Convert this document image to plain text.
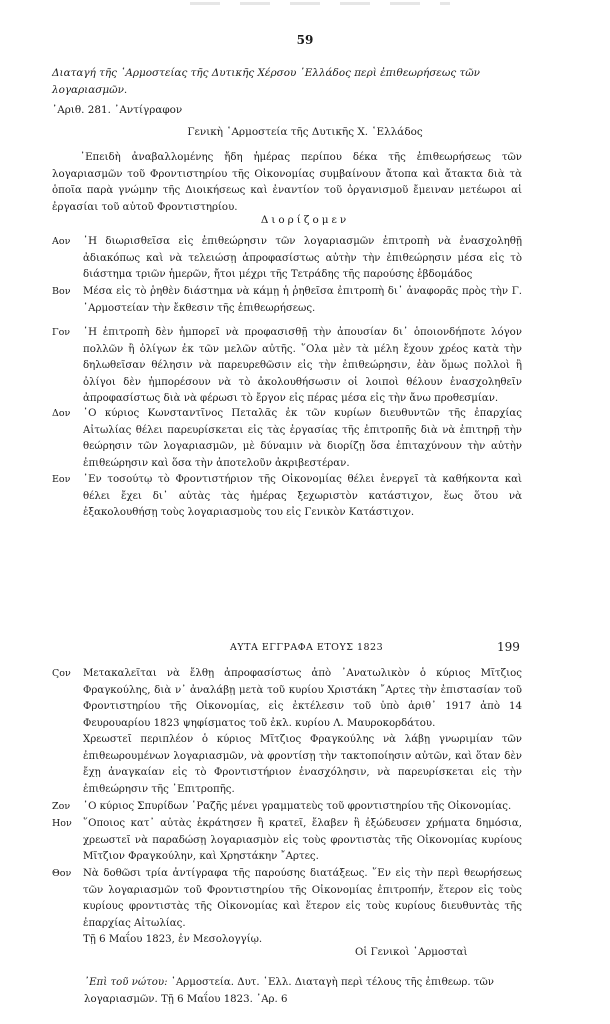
59
Διαταγή τῆς ῾Αρμοστείας τῆς Δυτικῆς Χέρσου ῾Ελλάδος περὶ ἐπιθεωρήσεως τῶν λογαριασμῶν.
᾿Αριθ. 281. ᾿Αντίγραφον
Γενικὴ ῾Αρμοστεία τῆς Δυτικῆς Χ. ῾Ελλάδος
᾿Επειδὴ ἀναβαλλομένης ἤδη ἡμέρας περίπου δέκα τῆς ἐπιθεωρήσεως τῶν λογαριασμῶν τοῦ Φροντιστηρίου τῆς Οἰκονομίας συμβαίνουν ἄτοπα καὶ ἄτακτα διὰ τὰ ὁποῖα παρὰ γνώμην τῆς Διοικήσεως καὶ ἐναντίον τοῦ ὀργανισμοῦ ἔμειναν μετέωροι αἱ ἐργασίαι τοῦ αὐτοῦ Φροντιστηρίου.
Διορίζομεν
Αον	῾Η διωρισθεῖσα εἰς ἐπιθεώρησιν τῶν λογαριασμῶν ἐπιτροπὴ νὰ ἐνασχοληθῇ ἀδιακόπως καὶ νὰ τελειώσῃ ἀπροφασίστως αὐτὴν τὴν ἐπιθεώρησιν μέσα εἰς τὸ διάστημα τριῶν ἡμερῶν, ἤτοι μέχρι τῆς Τετράδης τῆς παρούσης ἑβδομάδος
Βον	Μέσα εἰς τὸ ῥηθὲν διάστημα νὰ κάμῃ ἡ ῥηθεῖσα ἐπιτροπὴ δι᾿ ἀναφορᾶς πρὸς τὴν Γ. ῾Αρμοστείαν τὴν ἔκθεσιν τῆς ἐπιθεωρήσεως.
Γον	῾Η ἐπιτροπὴ δὲν ἠμπορεῖ νὰ προφασισθῇ τὴν ἀπουσίαν δι᾿ ὁποιονδήποτε λόγον πολλῶν ἢ ὀλίγων ἐκ τῶν μελῶν αὐτῆς. ῞Ολα μὲν τὰ μέλη ἔχουν χρέος κατὰ τὴν δηλωθεῖσαν θέλησιν νὰ παρευρεθῶσιν εἰς τὴν ἐπιθεώρησιν, ἐὰν ὅμως πολλοὶ ἢ ὀλίγοι δὲν ἠμπορέσουν νὰ τὸ ἀκολουθήσωσιν οἱ λοιποὶ θέλουν ἐνασχοληθεῖν ἀπροφασίστως διὰ νὰ φέρωσι τὸ ἔργον εἰς πέρας μέσα εἰς τὴν ἄνω προθεσμίαν.
Δον	῾Ο κύριος Κωνσταντῖνος Πεταλᾶς ἐκ τῶν κυρίων διευθυντῶν τῆς ἐπαρχίας Αἰτωλίας θέλει παρευρίσκεται εἰς τὰς ἐργασίας τῆς ἐπιτροπῆς διὰ νὰ ἐπιτηρῇ τὴν θεώρησιν τῶν λογαριασμῶν, μὲ δύναμιν νὰ διορίζῃ ὅσα ἐπιταχύνουν τὴν αὐτὴν ἐπιθεώρησιν καὶ ὅσα τὴν ἀποτελοῦν ἀκριβεστέραν.
Εον	᾿Εν τοσούτῳ τὸ Φροντιστήριον τῆς Οἰκονομίας θέλει ἐνεργεῖ τὰ καθήκοντα καὶ θέλει ἔχει δι᾿ αὐτὰς τὰς ἡμέρας ξεχωριστὸν κατάστιχον, ἕως ὅτου νὰ ἐξακολουθήσῃ τοὺς λογαριασμοὺς του εἰς Γενικὸν Κατάστιχον.
ΑΥΤΑ ΕΓΓΡΑΦΑ ΕΤΟΥΣ 1823	199
Ϛον	Μετακαλεῖται νὰ ἔλθῃ ἀπροφασίστως ἀπὸ ᾿Ανατωλικὸν ὁ κύριος Μῖτζιος Φραγκούλης, διὰ ν᾿ ἀναλάβῃ μετὰ τοῦ κυρίου Χριστάκη ῎Αρτες τὴν ἐπιστασίαν τοῦ Φροντιστηρίου τῆς Οἰκονομίας, εἰς ἐκτέλεσιν τοῦ ὑπὸ ἀριθ᾿ 1917 ἀπὸ 14 Φευρουαρίου 1823 ψηφίσματος τοῦ ἐκλ. κυρίου Λ. Μαυροκορδάτου.
Χρεωστεῖ περιπλέον ὁ κύριος Μῖτζιος Φραγκούλης νὰ λάβῃ γνωριμίαν τῶν ἐπιθεωρουμένων λογαριασμῶν, νὰ φροντίσῃ τὴν τακτοποίησιν αὐτῶν, καὶ ὅταν δὲν ἔχῃ ἀναγκαίαν εἰς τὸ Φροντιστήριον ἐνασχόλησιν, νὰ παρευρίσκεται εἰς τὴν ἐπιθεώρησιν τῆς ᾿Επιτροπῆς.
Ζον	῾Ο κύριος Σπυρίδων ῾Ραζῆς μένει γραμματεὺς τοῦ φροντιστηρίου τῆς Οἰκονομίας.
Ηον	῞Οποιος κατ᾿ αὐτὰς ἐκράτησεν ἢ κρατεῖ, ἔλαβεν ἢ ἐξώδευσεν χρήματα δημόσια, χρεωστεῖ νὰ παραδώσῃ λογαριασμὸν εἰς τοὺς φροντιστὰς τῆς Οἰκονομίας κυρίους Μῖτζιον Φραγκούλην, καὶ Χρηστάκην ῎Αρτες.
Θον	Νὰ δοθῶσι τρία ἀντίγραφα τῆς παρούσης διατάξεως. ῞Εν εἰς τὴν περὶ θεωρήσεως τῶν λογαριασμῶν τοῦ Φροντιστηρίου τῆς Οἰκονομίας ἐπιτροπήν, ἕτερον εἰς τοὺς κυρίους φροντιστὰς τῆς Οἰκονομίας καὶ ἕτερον εἰς τοὺς κυρίους διευθυντὰς τῆς ἐπαρχίας Αἰτωλίας.
Τῇ 6 Μαΐου 1823, ἐν Μεσολογγίῳ.
Οἱ Γενικοὶ ῾Αρμοσταὶ
᾿Επὶ τοῦ νώτου: ῾Αρμοστεία. Δυτ. ῾Ελλ. Διαταγὴ περὶ τέλους τῆς ἐπιθεωρ. τῶν λογαριασμῶν. Τῇ 6 Μαΐου 1823. ᾿Αρ. 6
